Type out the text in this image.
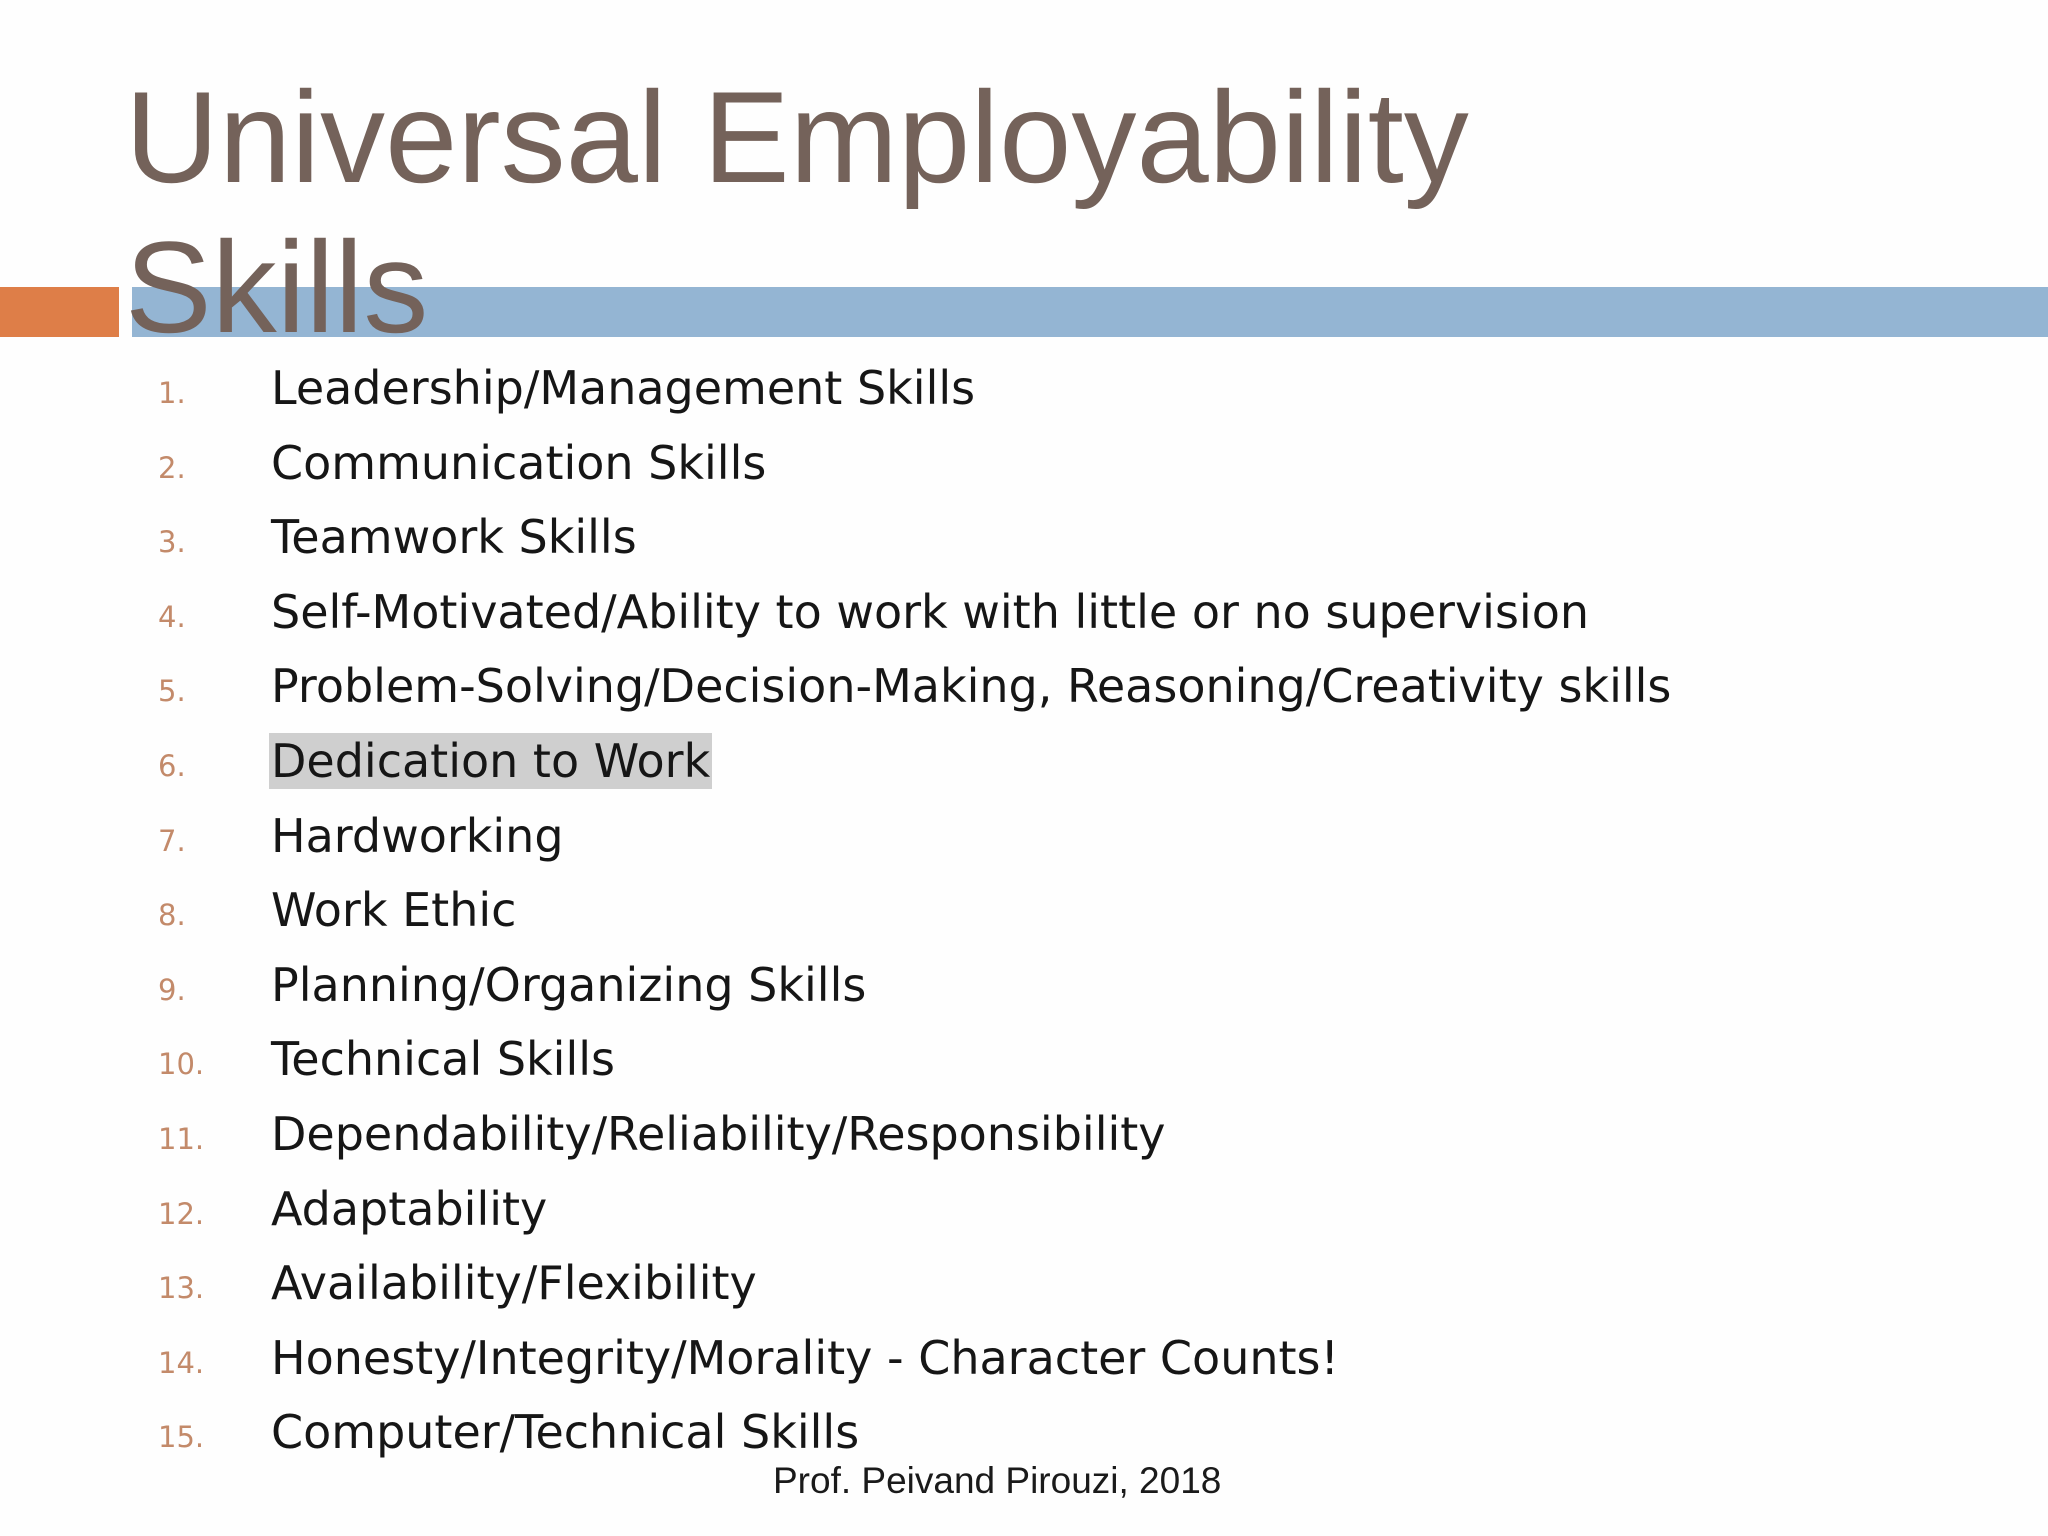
Universal Employability
Skills
1. Leadership/Management Skills
2. Communication Skills
3. Teamwork Skills
4. Self-Motivated/Ability to work with little or no supervision
5. Problem-Solving/Decision-Making, Reasoning/Creativity skills
6. Dedication to Work
7. Hardworking
8. Work Ethic
9. Planning/Organizing Skills
10. Technical Skills
11. Dependability/Reliability/Responsibility
12. Adaptability
13. Availability/Flexibility
14. Honesty/Integrity/Morality - Character Counts!
15. Computer/Technical Skills
Prof. Peivand Pirouzi, 2018
